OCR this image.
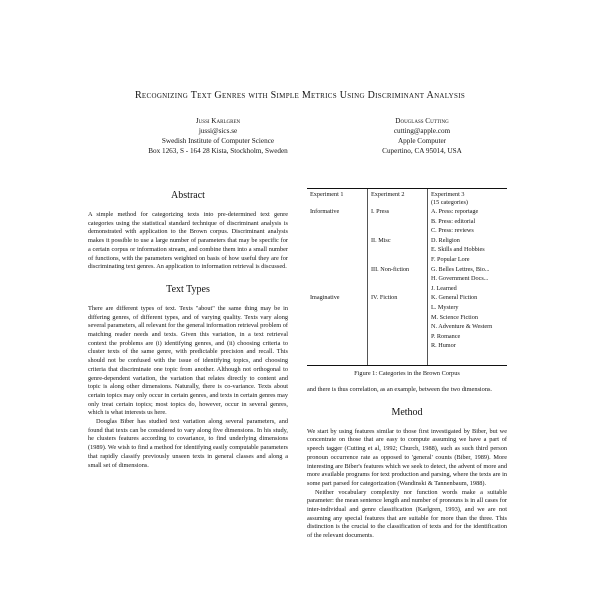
Recognizing Text Genres with Simple Metrics Using Discriminant Analysis
Jussi Karlgren
jussi@sics.se
Swedish Institute of Computer Science
Box 1263, S - 164 28 Kista, Stockholm, Sweden
Douglass Cutting
cutting@apple.com
Apple Computer
Cupertino, CA 95014, USA
Abstract

A simple method for categorizing texts into pre-determined text genre categories using the statistical standard technique of discriminant analysis is demonstrated with application to the Brown corpus. Discriminant analysis makes it possible to use a large number of parameters that may be specific for a certain corpus or information stream, and combine them into a small number of functions, with the parameters weighted on basis of how useful they are for discriminating text genres. An application to information retrieval is discussed.

Text Types

There are different types of text. Texts "about" the same thing may be in differing genres, of different types, and of varying quality. Texts vary along several parameters, all relevant for the general information retrieval problem of matching reader needs and texts. Given this variation, in a text retrieval context the problems are (i) identifying genres, and (ii) choosing criteria to cluster texts of the same genre, with predictable precision and recall. This should not be confused with the issue of identifying topics, and choosing criteria that discriminate one topic from another. Although not orthogonal to genre-dependent variation, the variation that relates directly to content and topic is along other dimensions. Naturally, there is co-variance. Texts about certain topics may only occur in certain genres, and texts in certain genres may only treat certain topics; most topics do, however, occur in several genres, which is what interests us here.

Douglas Biber has studied text variation along several parameters, and found that texts can be considered to vary along five dimensions. In his study, he clusters features according to covariance, to find underlying dimensions (1989). We wish to find a method for identifying easily computable parameters that rapidly classify previously unseen texts in general classes and along a small set of dimensions.

Experiment 1
Informative
Imaginative
Experiment 2
I. Press
II. Misc
III. Non-fiction
IV. Fiction
Experiment 3
(15 categories)
A. Press: reportage
B. Press: editorial
C. Press: reviews
D. Religion
E. Skills and Hobbies
F. Popular Lore
G. Belles Lettres, Bio...
H. Government Docs...
J. Learned
K. General Fiction
L. Mystery
M. Science Fiction
N. Adventure & Western
P. Romance
R. Humor
Figure 1: Categories in the Brown Corpus

and there is thus correlation, as an example, between the two dimensions.

Method

We start by using features similar to those first investigated by Biber, but we concentrate on those that are easy to compute assuming we have a part of speech tagger (Cutting et al, 1992; Church, 1988), such as such third person pronoun occurrence rate as opposed to 'general' counts (Biber, 1989). More interesting are Biber's features which we seek to detect, the advent of more and more available programs for text production and parsing, where the texts are in some part parsed for categorization (Wandinski & Tannenbaum, 1988).

Neither vocabulary complexity nor function words make a suitable parameter: the mean sentence length and number of pronouns is in all cases for inter-individual and genre classification (Karlgren, 1993), and we are not assuming any special features that are suitable for more than the three. This distinction is the crucial to the classification of texts and for the identification of the relevant documents.
